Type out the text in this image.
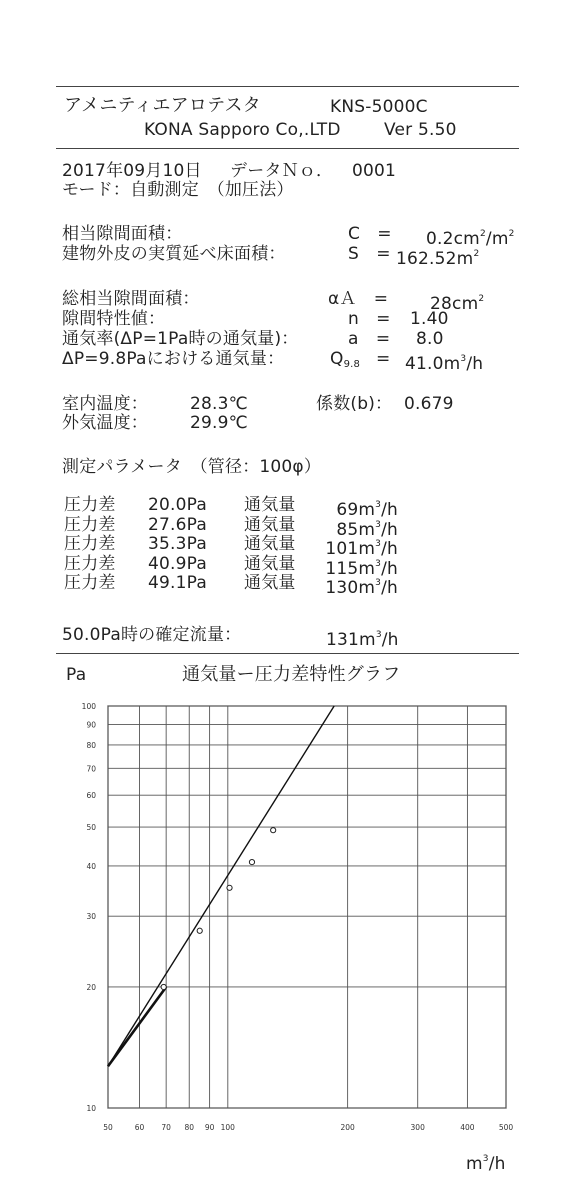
アメニティエアロテスタ	KNS-5000C
KONA Sapporo Co,.LTD	Ver 5.50
2017年09月10日 データＮｏ． 0001
モード：自動測定　（加圧法）
相当隙間面積：	C　= $0.2cm^2/m^2$
建物外皮の実質延べ床面積：	S　= $162.52m^2$
総相当隙間面積：	αＡ　= $28cm^2$
隙間特性値：	n　= 1.40
通気率(ΔP=1Pa時の通気量)：	a　= 8.0
ΔP=9.8Paにおける通気量：	$Q_{9.8} = 41.0m^3/h$
室内温度： 28.3℃	係数(b)： 0.679
外気温度： 29.9℃
測定パラメータ　（管径：100φ）
圧力差 20.0Pa 通気量	$69m^3/h$
圧力差 27.6Pa 通気量	$85m^3/h$
圧力差 35.3Pa 通気量	$101m^3/h$
圧力差 40.9Pa 通気量	$115m^3/h$
圧力差 49.1Pa 通気量	$130m^3/h$
50.0Pa時の確定流量：	$131m^3/h$
Pa	通気量ー圧力差特性グラフ
50	60 70 80 90 100	200	300	400	500
10
20
30
40
50
60
70
80
90
100
$m^3/h$
